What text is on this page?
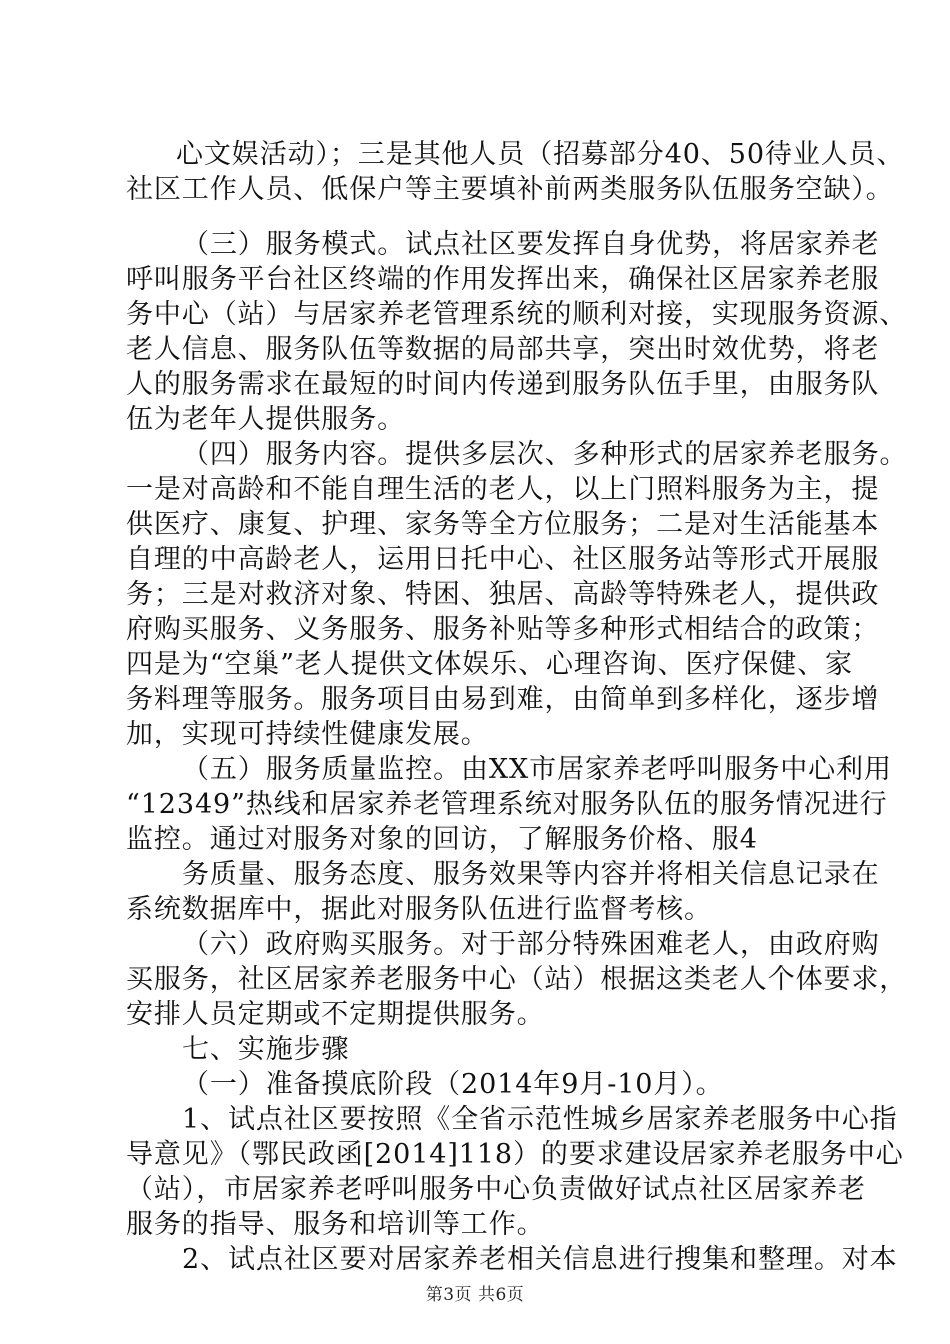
心文娱活动）；三是其他人员（招募部分40、50待业人员、
社区工作人员、低保户等主要填补前两类服务队伍服务空缺）。
（三）服务模式。试点社区要发挥自身优势，将居家养老
呼叫服务平台社区终端的作用发挥出来，确保社区居家养老服
务中心（站）与居家养老管理系统的顺利对接，实现服务资源、
老人信息、服务队伍等数据的局部共享，突出时效优势，将老
人的服务需求在最短的时间内传递到服务队伍手里，由服务队
伍为老年人提供服务。
（四）服务内容。提供多层次、多种形式的居家养老服务。
一是对高龄和不能自理生活的老人，以上门照料服务为主，提
供医疗、康复、护理、家务等全方位服务；二是对生活能基本
自理的中高龄老人，运用日托中心、社区服务站等形式开展服
务；三是对救济对象、特困、独居、高龄等特殊老人，提供政
府购买服务、义务服务、服务补贴等多种形式相结合的政策；
四是为“空巢”老人提供文体娱乐、心理咨询、医疗保健、家
务料理等服务。服务项目由易到难，由简单到多样化，逐步增
加，实现可持续性健康发展。
（五）服务质量监控。由XX市居家养老呼叫服务中心利用
“12349”热线和居家养老管理系统对服务队伍的服务情况进行
监控。通过对服务对象的回访，了解服务价格、服4
务质量、服务态度、服务效果等内容并将相关信息记录在
系统数据库中，据此对服务队伍进行监督考核。
（六）政府购买服务。对于部分特殊困难老人，由政府购
买服务，社区居家养老服务中心（站）根据这类老人个体要求，
安排人员定期或不定期提供服务。
七、实施步骤
（一）准备摸底阶段（2014年9月-10月）。
1、试点社区要按照《全省示范性城乡居家养老服务中心指
导意见》（鄂民政函[2014]118）的要求建设居家养老服务中心
（站），市居家养老呼叫服务中心负责做好试点社区居家养老
服务的指导、服务和培训等工作。
2、试点社区要对居家养老相关信息进行搜集和整理。对本
第3页 共6页
